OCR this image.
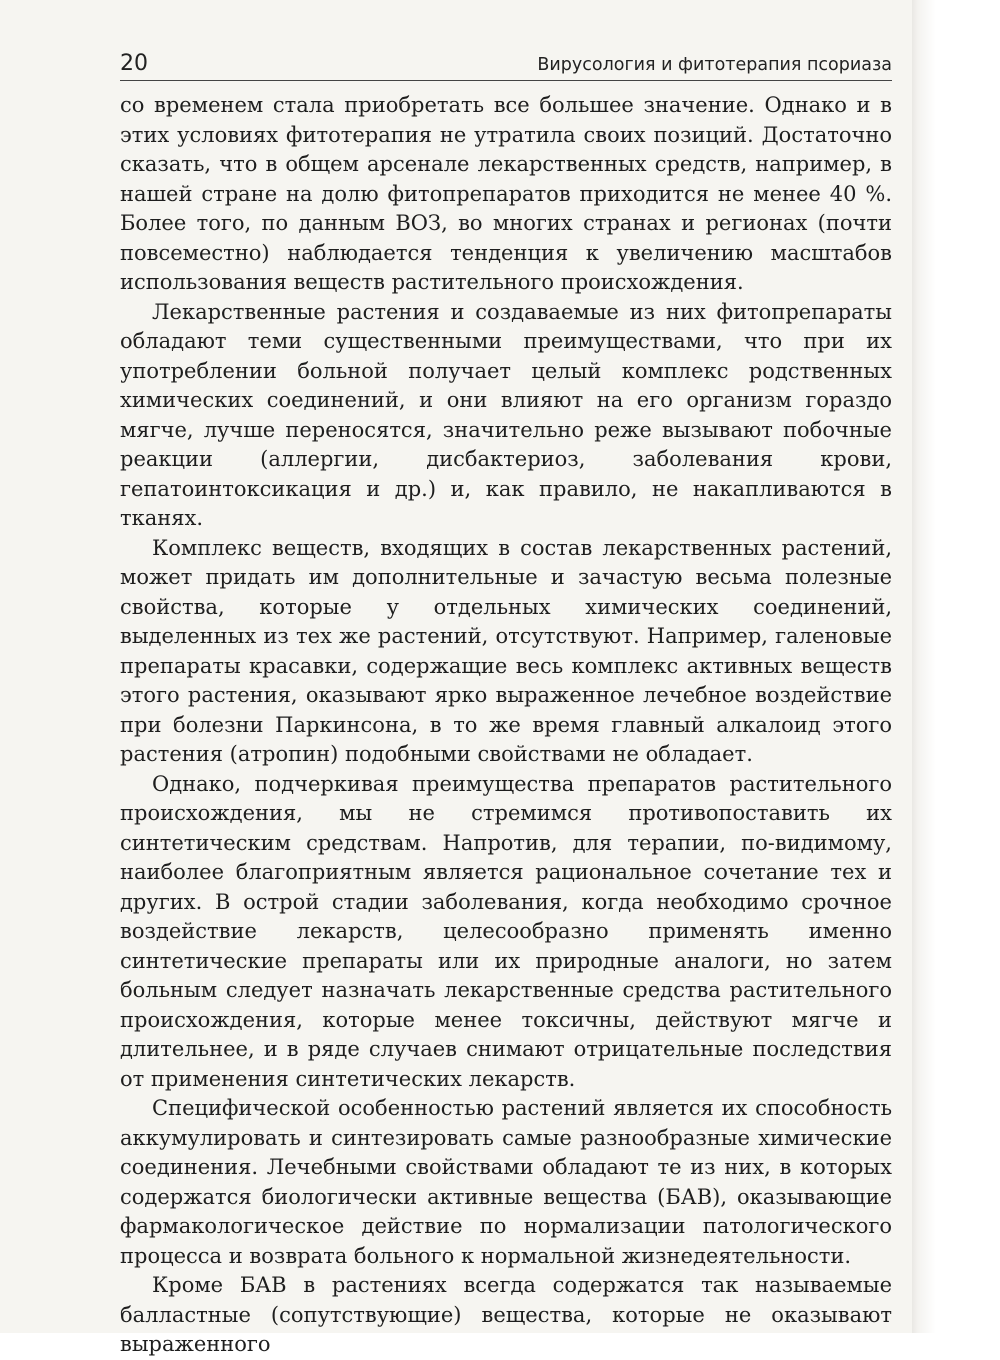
20	Вирусология и фитотерапия псориаза

со временем стала приобретать все большее значение. Однако и в этих условиях фитотерапия не утратила своих позиций. Достаточно сказать, что в общем арсенале лекарственных средств, например, в нашей стране на долю фитопрепаратов приходится не менее 40 %. Более того, по данным ВОЗ, во многих странах и регионах (почти повсеместно) наблюдается тенденция к увеличению масштабов использования веществ растительного происхождения.

Лекарственные растения и создаваемые из них фитопрепараты обладают теми существенными преимуществами, что при их употреблении больной получает целый комплекс родственных химических соединений, и они влияют на его организм гораздо мягче, лучше переносятся, значительно реже вызывают побочные реакции (аллергии, дисбактериоз, заболевания крови, гепатоинтоксикация и др.) и, как правило, не накапливаются в тканях.

Комплекс веществ, входящих в состав лекарственных растений, может придать им дополнительные и зачастую весьма полезные свойства, которые у отдельных химических соединений, выделенных из тех же растений, отсутствуют. Например, галеновые препараты красавки, содержащие весь комплекс активных веществ этого растения, оказывают ярко выраженное лечебное воздействие при болезни Паркинсона, в то же время главный алкалоид этого растения (атропин) подобными свойствами не обладает.

Однако, подчеркивая преимущества препаратов растительного происхождения, мы не стремимся противопоставить их синтетическим средствам. Напротив, для терапии, по-видимому, наиболее благоприятным является рациональное сочетание тех и других. В острой стадии заболевания, когда необходимо срочное воздействие лекарств, целесообразно применять именно синтетические препараты или их природные аналоги, но затем больным следует назначать лекарственные средства растительного происхождения, которые менее токсичны, действуют мягче и длительнее, и в ряде случаев снимают отрицательные последствия от применения синтетических лекарств.

Специфической особенностью растений является их способность аккумулировать и синтезировать самые разнообразные химические соединения. Лечебными свойствами обладают те из них, в которых содержатся биологически активные вещества (БАВ), оказывающие фармакологическое действие по нормализации патологического процесса и возврата больного к нормальной жизнедеятельности.

Кроме БАВ в растениях всегда содержатся так называемые балластные (сопутствующие) вещества, которые не оказывают выраженного
